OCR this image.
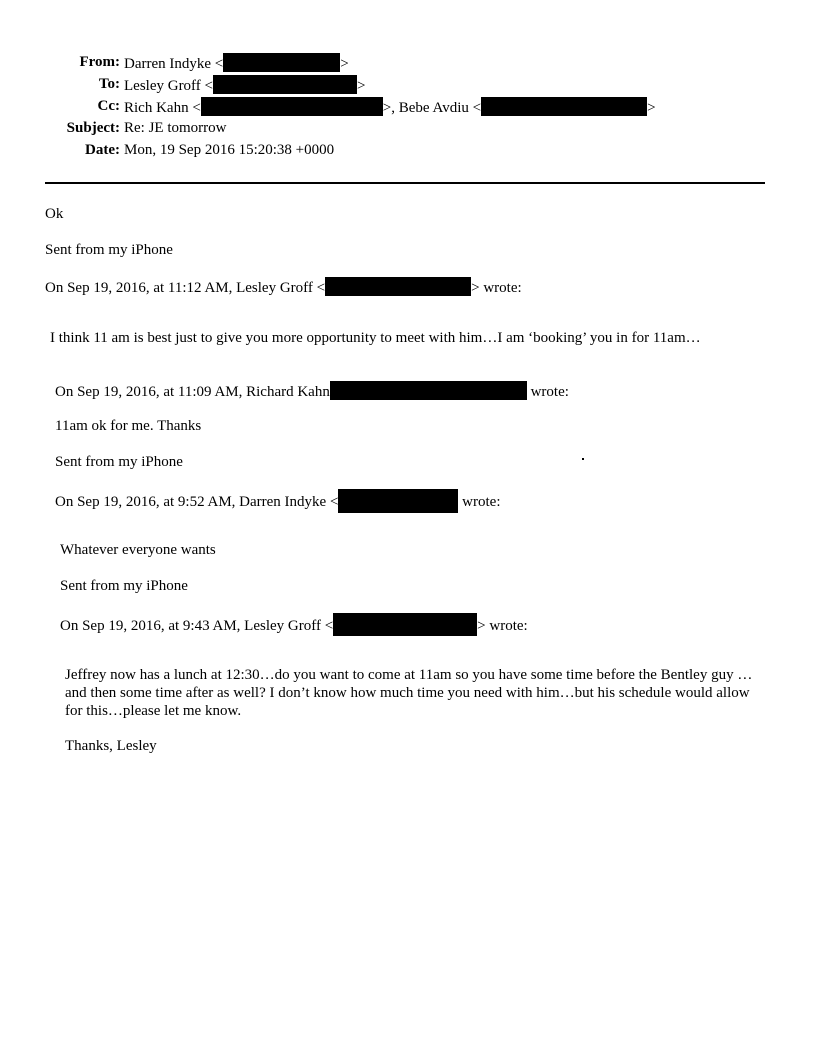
From: Darren Indyke <	>
To: Lesley Groff <	>
Cc: Rich Kahn <	>, Bebe Avdiu <	>
Subject: Re: JE tomorrow
Date: Mon, 19 Sep 2016 15:20:38 +0000
Ok
Sent from my iPhone
On Sep 19, 2016, at 11:12 AM, Lesley Groff <	> wrote:
I think 11 am is best just to give you more opportunity to meet with him…I am ‘booking’ you in for 11am…
On Sep 19, 2016, at 11:09 AM, Richard Kahn	wrote:
11am ok for me. Thanks
Sent from my iPhone
On Sep 19, 2016, at 9:52 AM, Darren Indyke <	wrote:
Whatever everyone wants
Sent from my iPhone
On Sep 19, 2016, at 9:43 AM, Lesley Groff <	> wrote:
Jeffrey now has a lunch at 12:30…do you want to come at 11am so you have some time before the Bentley guy …and then some time after as well? I don’t know how much time you need with him…but his schedule would allow for this…please let me know.
Thanks, Lesley
